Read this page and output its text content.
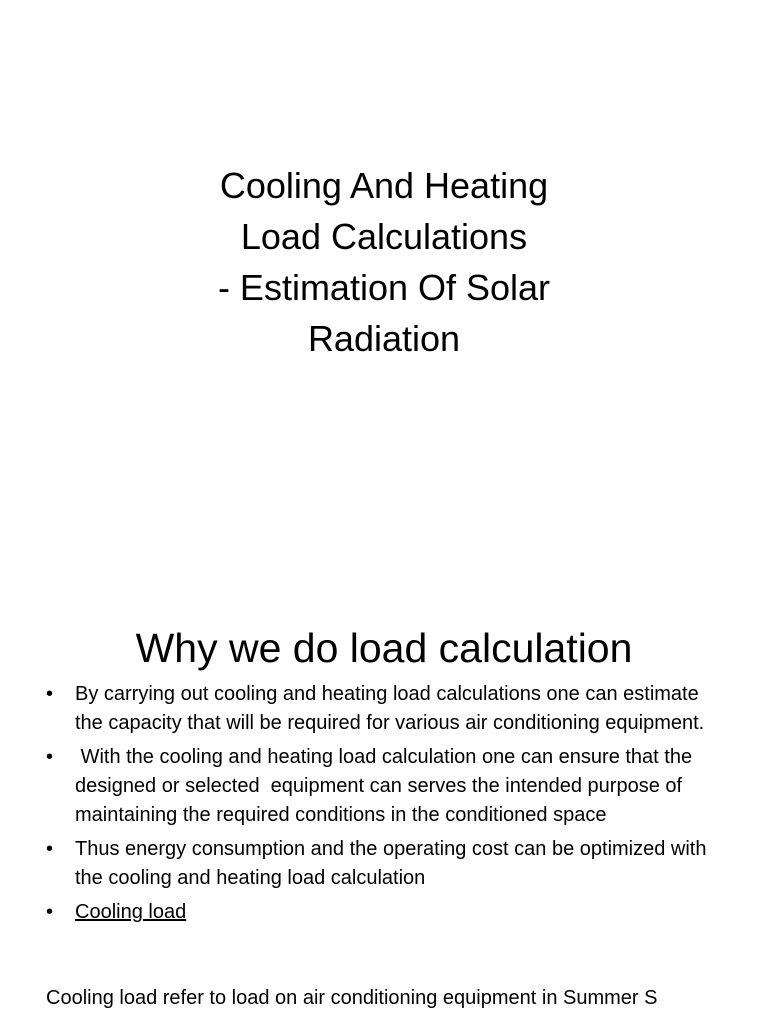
Cooling And Heating
Load Calculations
- Estimation Of Solar
Radiation
Why we do load calculation
• By carrying out cooling and heating load calculations one can estimate the capacity that will be required for various air conditioning equipment.
• With the cooling and heating load calculation one can ensure that the designed or selected  equipment can serves the intended purpose of maintaining the required conditions in the conditioned space
• Thus energy consumption and the operating cost can be optimized with the cooling and heating load calculation
• Cooling load

Cooling load refer to load on air conditioning equipment in Summer S
